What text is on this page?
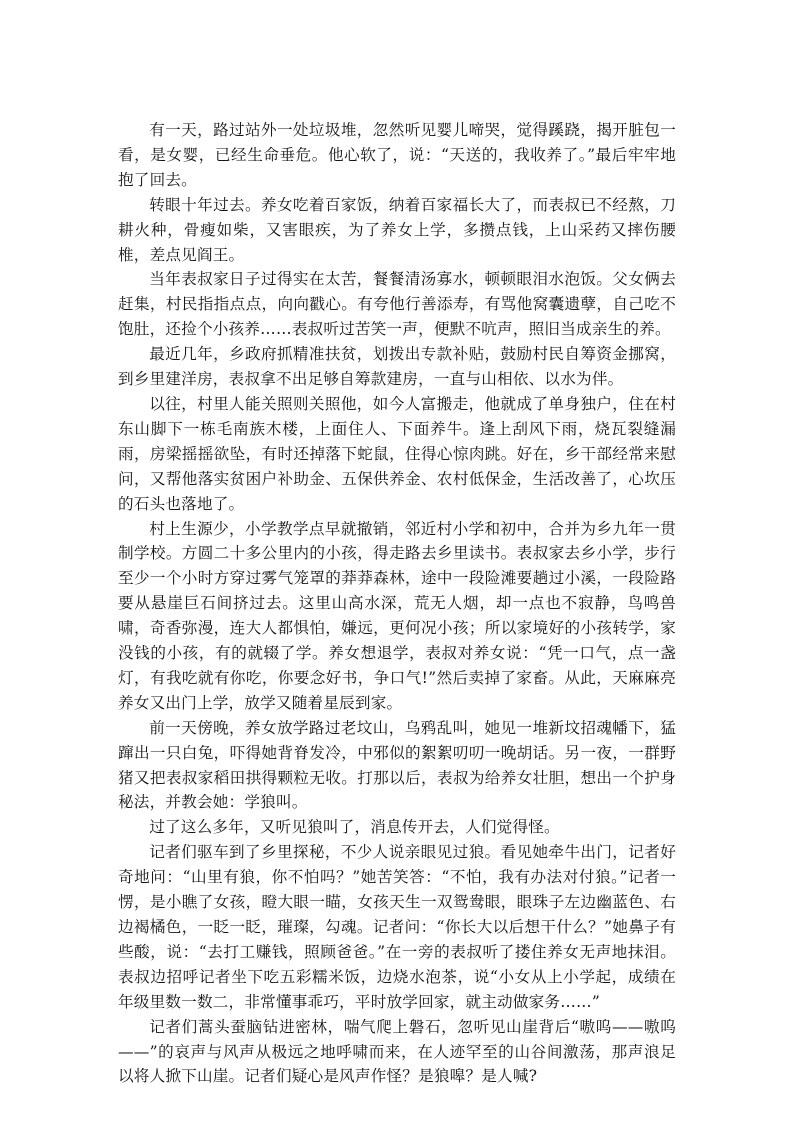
有一天，路过站外一处垃圾堆，忽然听见婴儿啼哭，觉得蹊跷，揭开脏包一看，是女婴，已经生命垂危。他心软了，说：“天送的，我收养了。”最后牢牢地抱了回去。

转眼十年过去。养女吃着百家饭，纳着百家福长大了，而表叔已不经熬，刀耕火种，骨瘦如柴，又害眼疾，为了养女上学，多攒点钱，上山采药又摔伤腰椎，差点见阎王。

当年表叔家日子过得实在太苦，餐餐清汤寡水，顿顿眼泪水泡饭。父女俩去赶集，村民指指点点，向向戳心。有夸他行善添寿，有骂他窝囊遗孽，自己吃不饱肚，还捡个小孩养……表叔听过苦笑一声，便默不吭声，照旧当成亲生的养。

最近几年，乡政府抓精准扶贫，划拨出专款补贴，鼓励村民自筹资金挪窝，到乡里建洋房，表叔拿不出足够自筹款建房，一直与山相依、以水为伴。

以往，村里人能关照则关照他，如今人富搬走，他就成了单身独户，住在村东山脚下一栋毛南族木楼，上面住人、下面养牛。逢上刮风下雨，烧瓦裂缝漏雨，房梁摇摇欲坠，有时还掉落下蛇鼠，住得心惊肉跳。好在，乡干部经常来慰问，又帮他落实贫困户补助金、五保供养金、农村低保金，生活改善了，心坎压的石头也落地了。

村上生源少，小学教学点早就撤销，邻近村小学和初中，合并为乡九年一贯制学校。方圆二十多公里内的小孩，得走路去乡里读书。表叔家去乡小学，步行至少一个小时方穿过雾气笼罩的莽莽森林，途中一段险滩要趟过小溪，一段险路要从悬崖巨石间挤过去。这里山高水深，荒无人烟，却一点也不寂静，鸟鸣兽啸，奇香弥漫，连大人都惧怕，嫌远，更何况小孩；所以家境好的小孩转学，家没钱的小孩，有的就辍了学。养女想退学，表叔对养女说：“凭一口气，点一盏灯，有我吃就有你吃，你要念好书，争口气!”然后卖掉了家畜。从此，天麻麻亮养女又出门上学，放学又随着星辰到家。

前一天傍晚，养女放学路过老坟山，乌鸦乱叫，她见一堆新坟招魂幡下，猛蹿出一只白兔，吓得她背脊发冷，中邪似的絮絮叨叨一晚胡话。另一夜，一群野猪又把表叔家稻田拱得颗粒无收。打那以后，表叔为给养女壮胆，想出一个护身秘法，并教会她：学狼叫。

过了这么多年，又听见狼叫了，消息传开去，人们觉得怪。

记者们驱车到了乡里探秘，不少人说亲眼见过狼。看见她牵牛出门，记者好奇地问：“山里有狼，你不怕吗？”她苦笑答：“不怕，我有办法对付狼。”记者一愣，是小瞧了女孩，瞪大眼一瞄，女孩天生一双鸳鸯眼，眼珠子左边幽蓝色、右边褐橘色，一眨一眨，璀璨，勾魂。记者问：“你长大以后想干什么？”她鼻子有些酸，说：“去打工赚钱，照顾爸爸。”在一旁的表叔听了搂住养女无声地抹泪。表叔边招呼记者坐下吃五彩糯米饭，边烧水泡茶，说“小女从上小学起，成绩在年级里数一数二，非常懂事乖巧，平时放学回家，就主动做家务……”

记者们蒿头蚕脑钻进密林，喘气爬上磐石，忽听见山崖背后“嗷呜——嗷呜——”的哀声与风声从极远之地呼啸而来，在人迹罕至的山谷间激荡，那声浪足以将人掀下山崖。记者们疑心是风声作怪？是狼嗥？是人喊?
